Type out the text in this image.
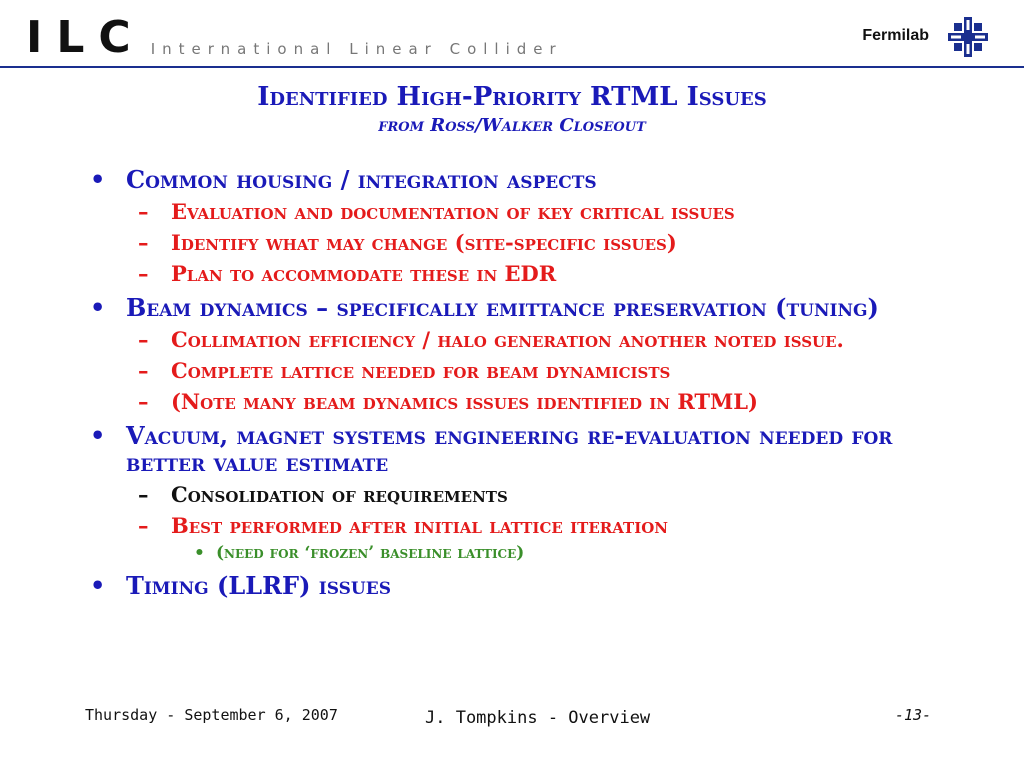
ILC International Linear Collider
Fermilab
Identified High-Priority RTML Issues
from Ross/Walker Closeout
• Common housing / integration aspects
– Evaluation and documentation of key critical issues
– Identify what may change (site-specific issues)
– Plan to accommodate these in EDR
• Beam dynamics – specifically emittance preservation (tuning)
– Collimation efficiency / halo generation another noted issue.
– Complete lattice needed for beam dynamicists
– (Note many beam dynamics issues identified in RTML)
• Vacuum, magnet systems engineering re-evaluation needed for better value estimate
– Consolidation of requirements
– Best performed after initial lattice iteration
• (need for ‘frozen’ baseline lattice)
• Timing (LLRF) issues
Thursday - September 6, 2007	J. Tompkins - Overview	-13-
